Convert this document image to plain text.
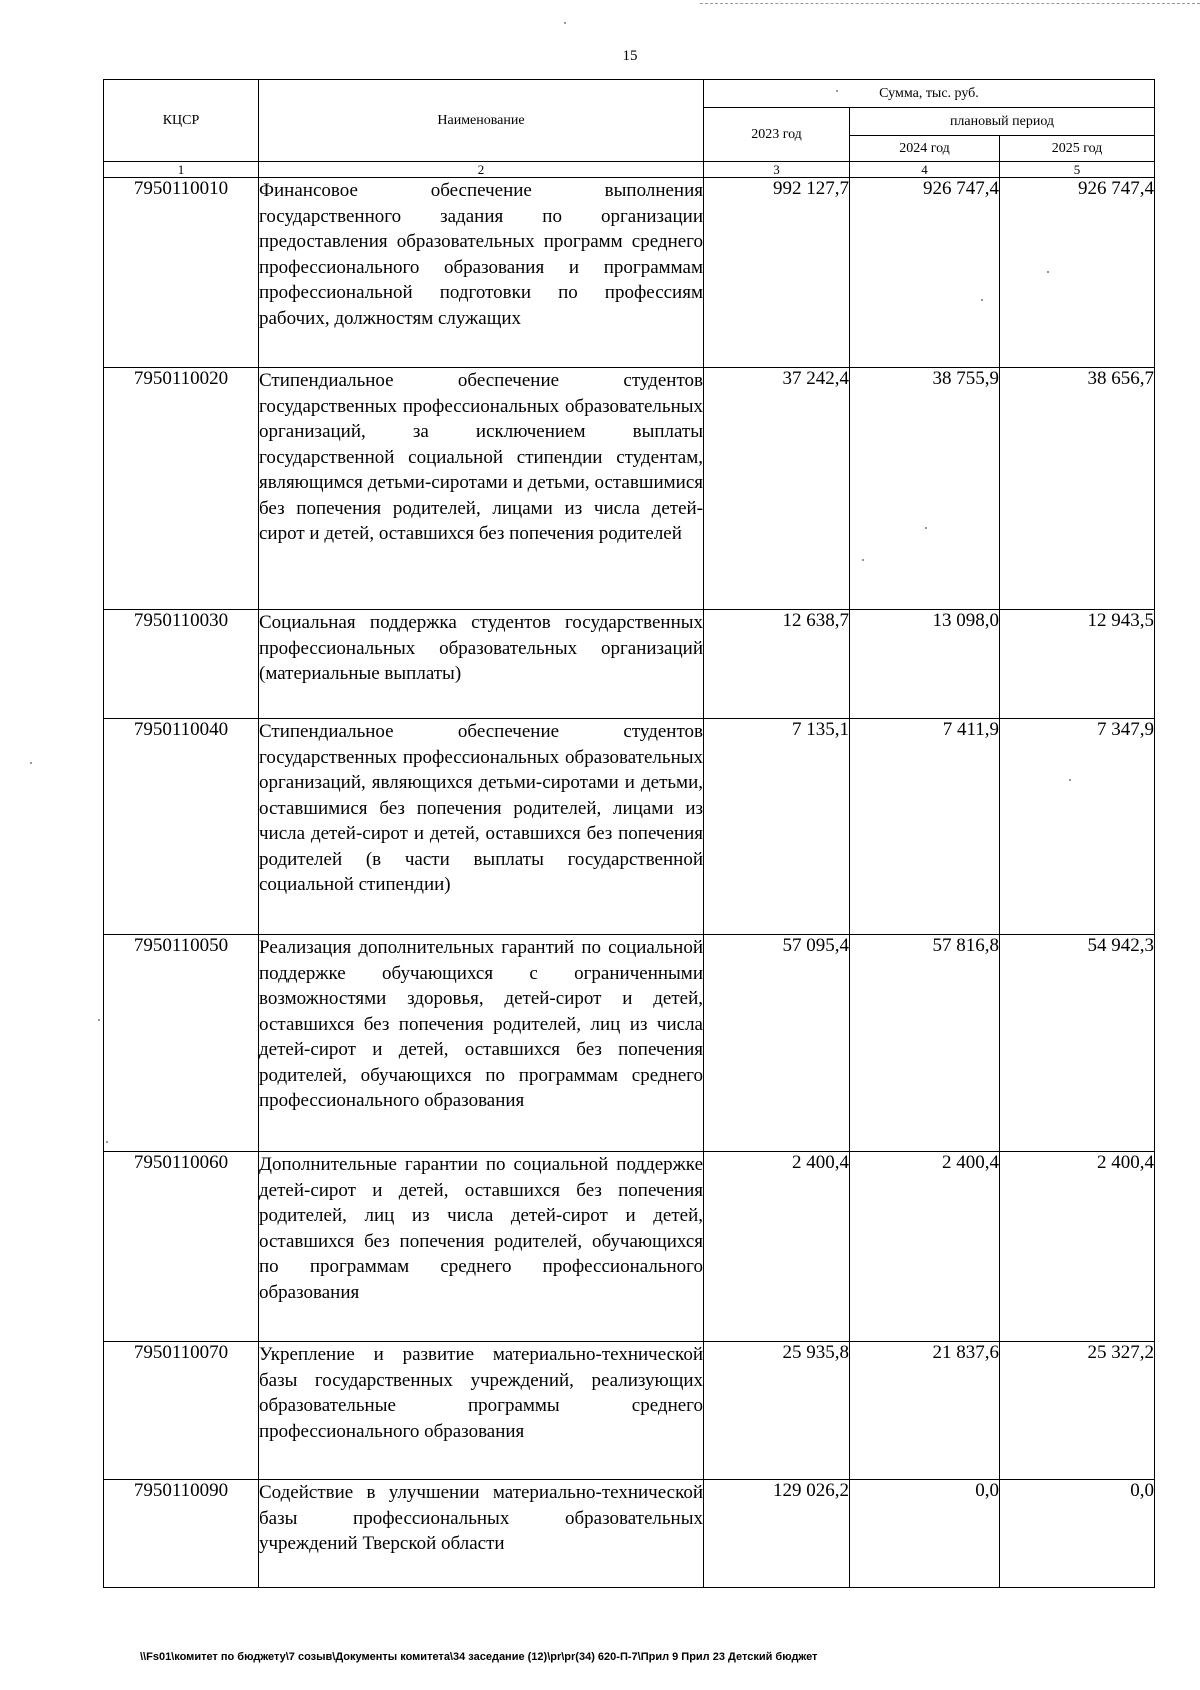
15
КЦСР	Наименование	Сумма, тыс. руб.		
		2023 год	плановый период	
			2024 год	2025 год
1	2	3	4	5
7950110010	Финансовое обеспечение выполнения государственного задания по организации предоставления образовательных программ среднего профессионального образования и программам профессиональной подготовки по профессиям рабочих, должностям служащих	992 127,7	926 747,4	926 747,4
7950110020	Стипендиальное обеспечение студентов государственных профессиональных образовательных организаций, за исключением выплаты государственной социальной стипендии студентам, являющимся детьми-сиротами и детьми, оставшимися без попечения родителей, лицами из числа детей-сирот и детей, оставшихся без попечения родителей	37 242,4	38 755,9	38 656,7
7950110030	Социальная поддержка студентов государственных профессиональных образовательных организаций (материальные выплаты)	12 638,7	13 098,0	12 943,5
7950110040	Стипендиальное обеспечение студентов государственных профессиональных образовательных организаций, являющихся детьми-сиротами и детьми, оставшимися без попечения родителей, лицами из числа детей-сирот и детей, оставшихся без попечения родителей (в части выплаты государственной социальной стипендии)	7 135,1	7 411,9	7 347,9
7950110050	Реализация дополнительных гарантий по социальной поддержке обучающихся с ограниченными возможностями здоровья, детей-сирот и детей, оставшихся без попечения родителей, лиц из числа детей-сирот и детей, оставшихся без попечения родителей, обучающихся по программам среднего профессионального образования	57 095,4	57 816,8	54 942,3
7950110060	Дополнительные гарантии по социальной поддержке детей-сирот и детей, оставшихся без попечения родителей, лиц из числа детей-сирот и детей, оставшихся без попечения родителей, обучающихся по программам среднего профессионального образования	2 400,4	2 400,4	2 400,4
7950110070	Укрепление и развитие материально-технической базы государственных учреждений, реализующих образовательные программы среднего профессионального образования	25 935,8	21 837,6	25 327,2
7950110090	Содействие в улучшении материально-технической базы профессиональных образовательных учреждений Тверской области	129 026,2	0,0	0,0
\\Fs01\комитет по бюджету\7 созыв\Документы комитета\34 заседание (12)\pr\pr(34) 620-П-7\Прил 9 Прил 23 Детский бюджет
